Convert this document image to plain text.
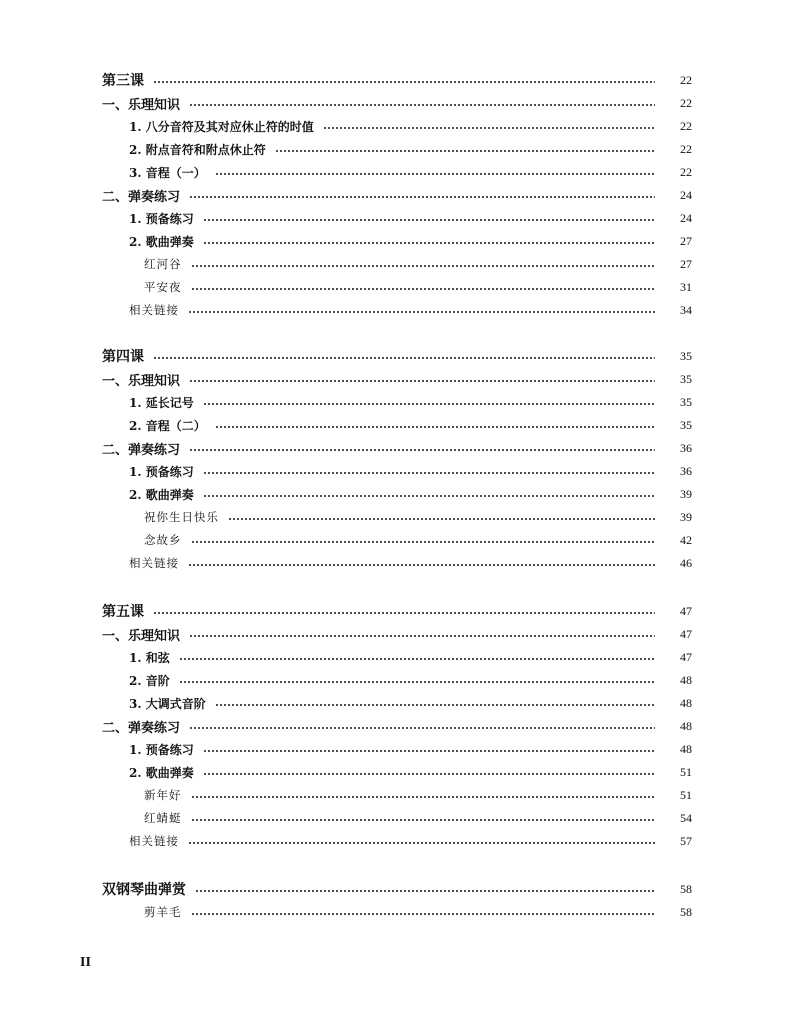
第三课	22
一、乐理知识	22
1. 八分音符及其对应休止符的时值	22
2. 附点音符和附点休止符	22
3. 音程（一）	22
二、弹奏练习	24
1. 预备练习	24
2. 歌曲弹奏	27
红河谷	27
平安夜	31
相关链接	34
第四课	35
一、乐理知识	35
1. 延长记号	35
2. 音程（二）	35
二、弹奏练习	36
1. 预备练习	36
2. 歌曲弹奏	39
祝你生日快乐	39
念故乡	42
相关链接	46
第五课	47
一、乐理知识	47
1. 和弦	47
2. 音阶	48
3. 大调式音阶	48
二、弹奏练习	48
1. 预备练习	48
2. 歌曲弹奏	51
新年好	51
红蜻蜓	54
相关链接	57
双钢琴曲弹赏	58
剪羊毛	58
II
